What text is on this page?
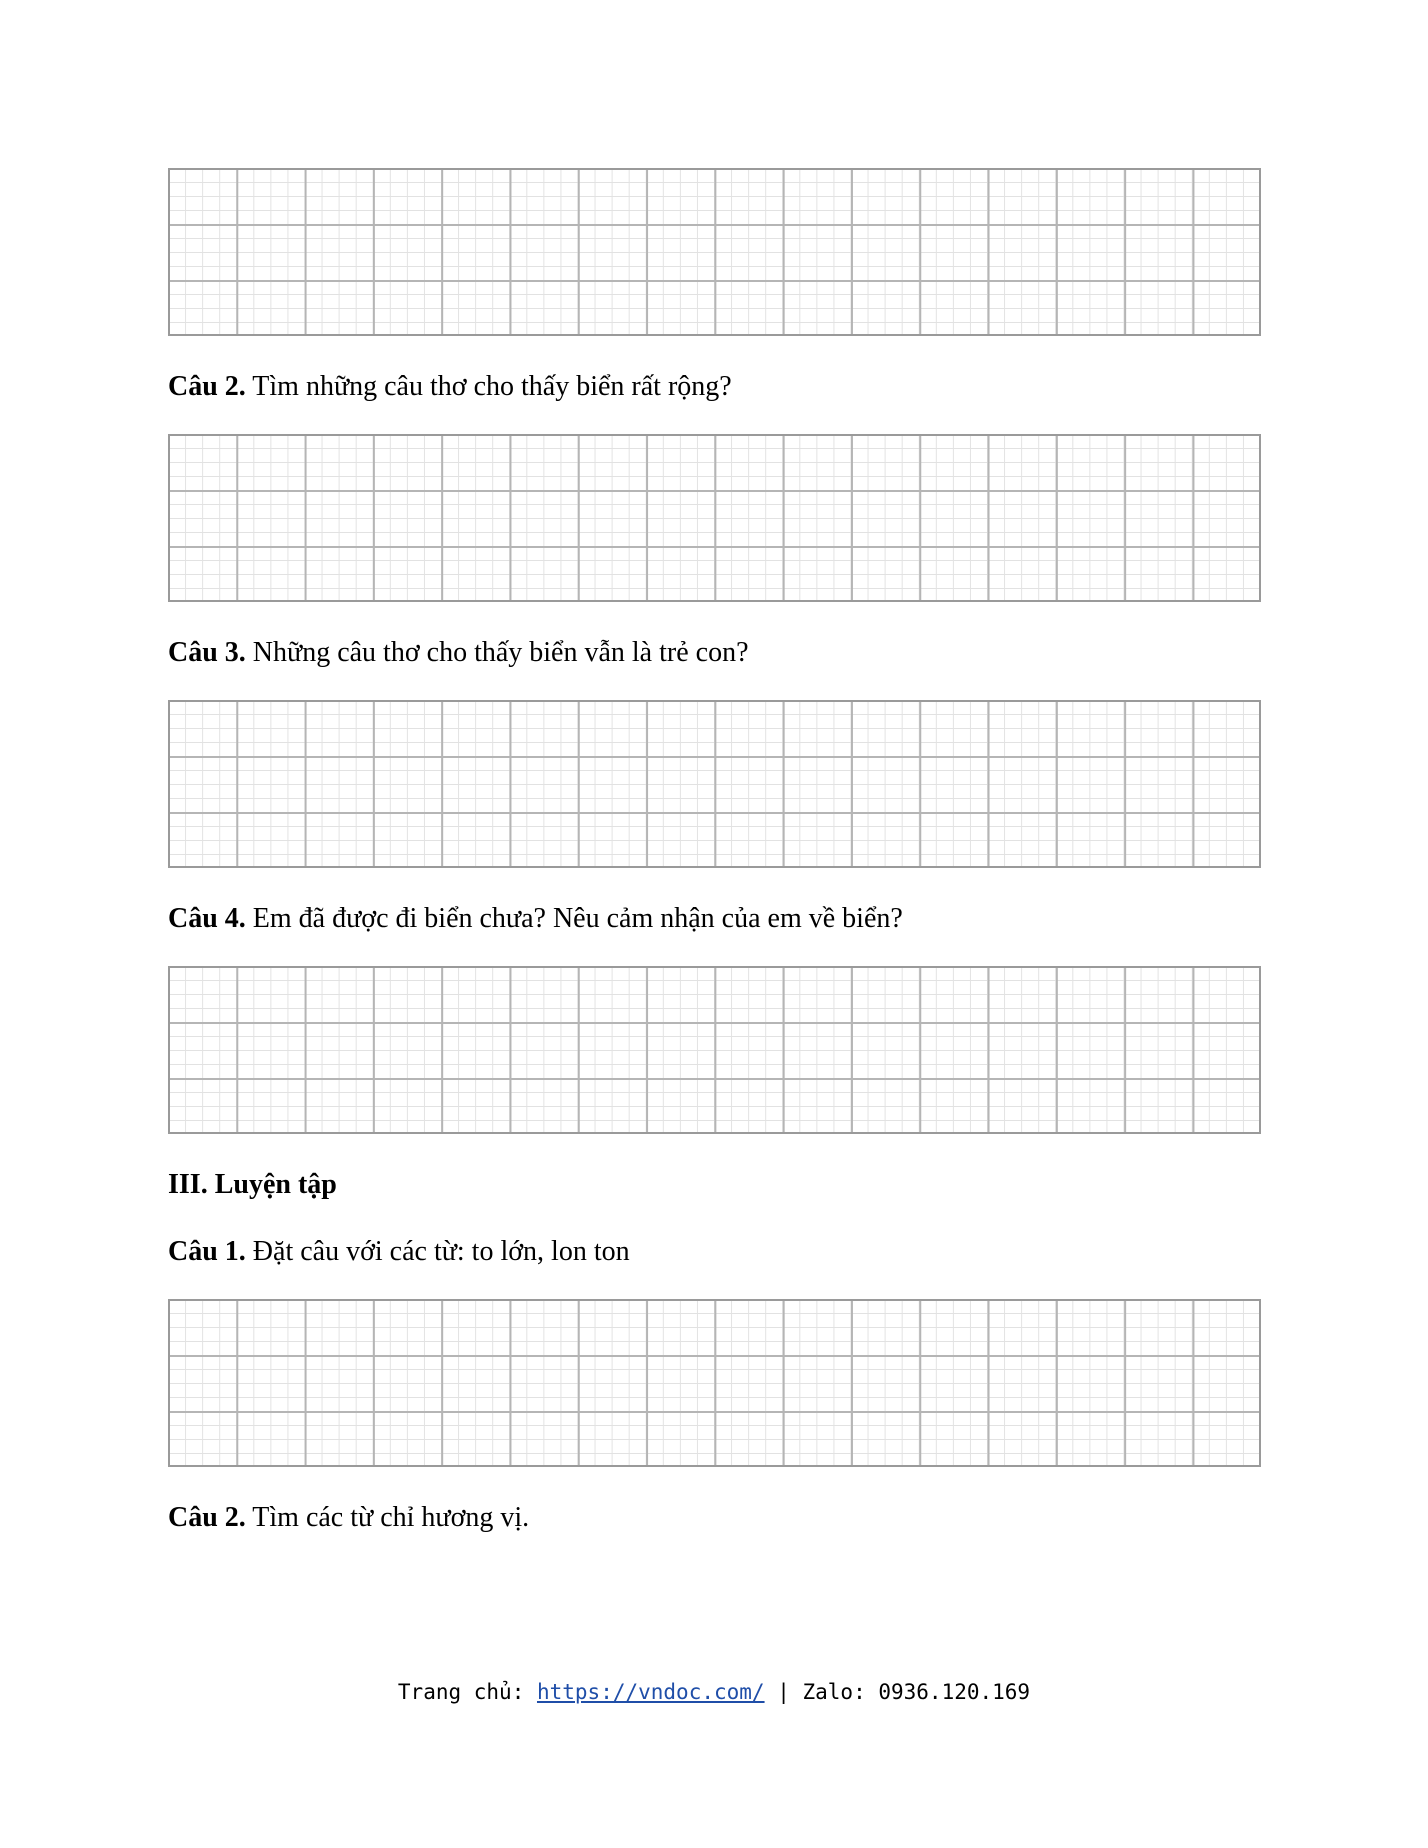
Câu 2. Tìm những câu thơ cho thấy biển rất rộng?
Câu 3. Những câu thơ cho thấy biển vẫn là trẻ con?
Câu 4. Em đã được đi biển chưa? Nêu cảm nhận của em về biển?
III. Luyện tập
Câu 1. Đặt câu với các từ: to lớn, lon ton
Câu 2. Tìm các từ chỉ hương vị.
Trang chủ: https://vndoc.com/ | Zalo: 0936.120.169
